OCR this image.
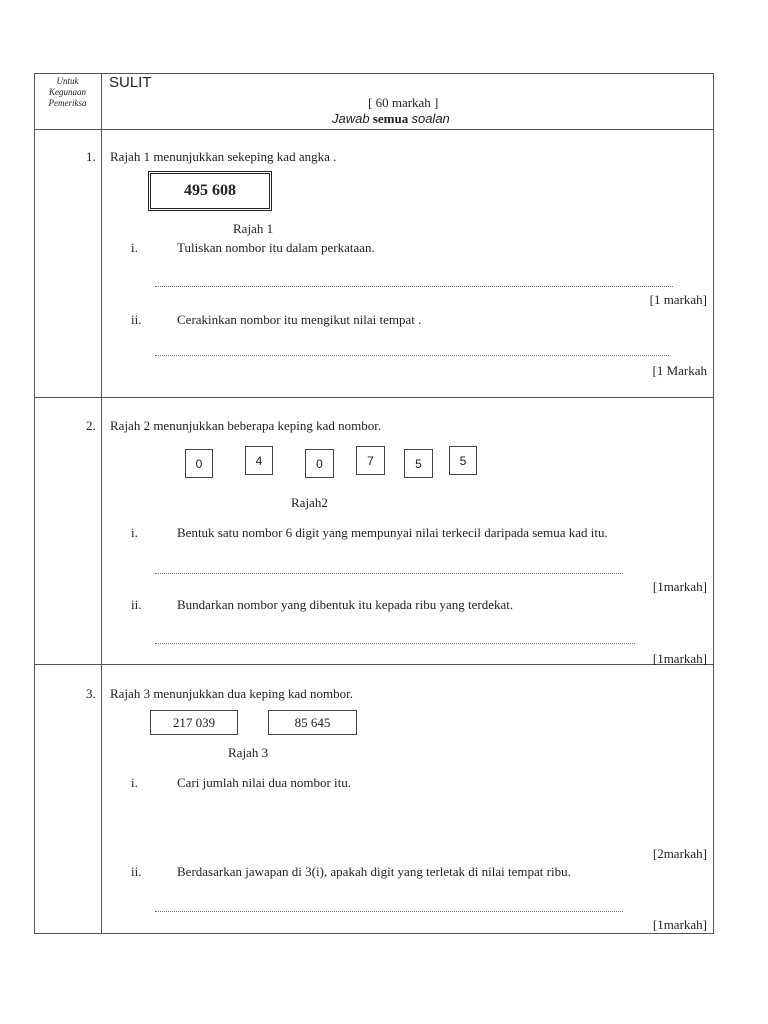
Untuk
Kegunaan
Pemeriksa
SULIT
[ 60 markah ]
Jawab semua soalan
1. Rajah 1 menunjukkan sekeping kad angka .
495 608
Rajah 1
i.	Tuliskan nombor itu dalam perkataan.
[1 markah]
ii.	Cerakinkan nombor itu mengikut nilai tempat .
[1 Markah
2. Rajah 2 menunjukkan beberapa keping kad nombor.
0	4	0	7	5	5
Rajah2
i.	Bentuk satu nombor 6 digit yang mempunyai nilai terkecil daripada semua kad itu.
[1markah]
ii.	Bundarkan nombor yang dibentuk itu kepada ribu yang terdekat.
[1markah]
3. Rajah 3 menunjukkan dua keping kad nombor.
217 039	85 645
Rajah 3
i.	Cari jumlah nilai dua nombor itu.
[2markah]
ii.	Berdasarkan jawapan di 3(i), apakah digit yang terletak di nilai tempat ribu.
[1markah]
